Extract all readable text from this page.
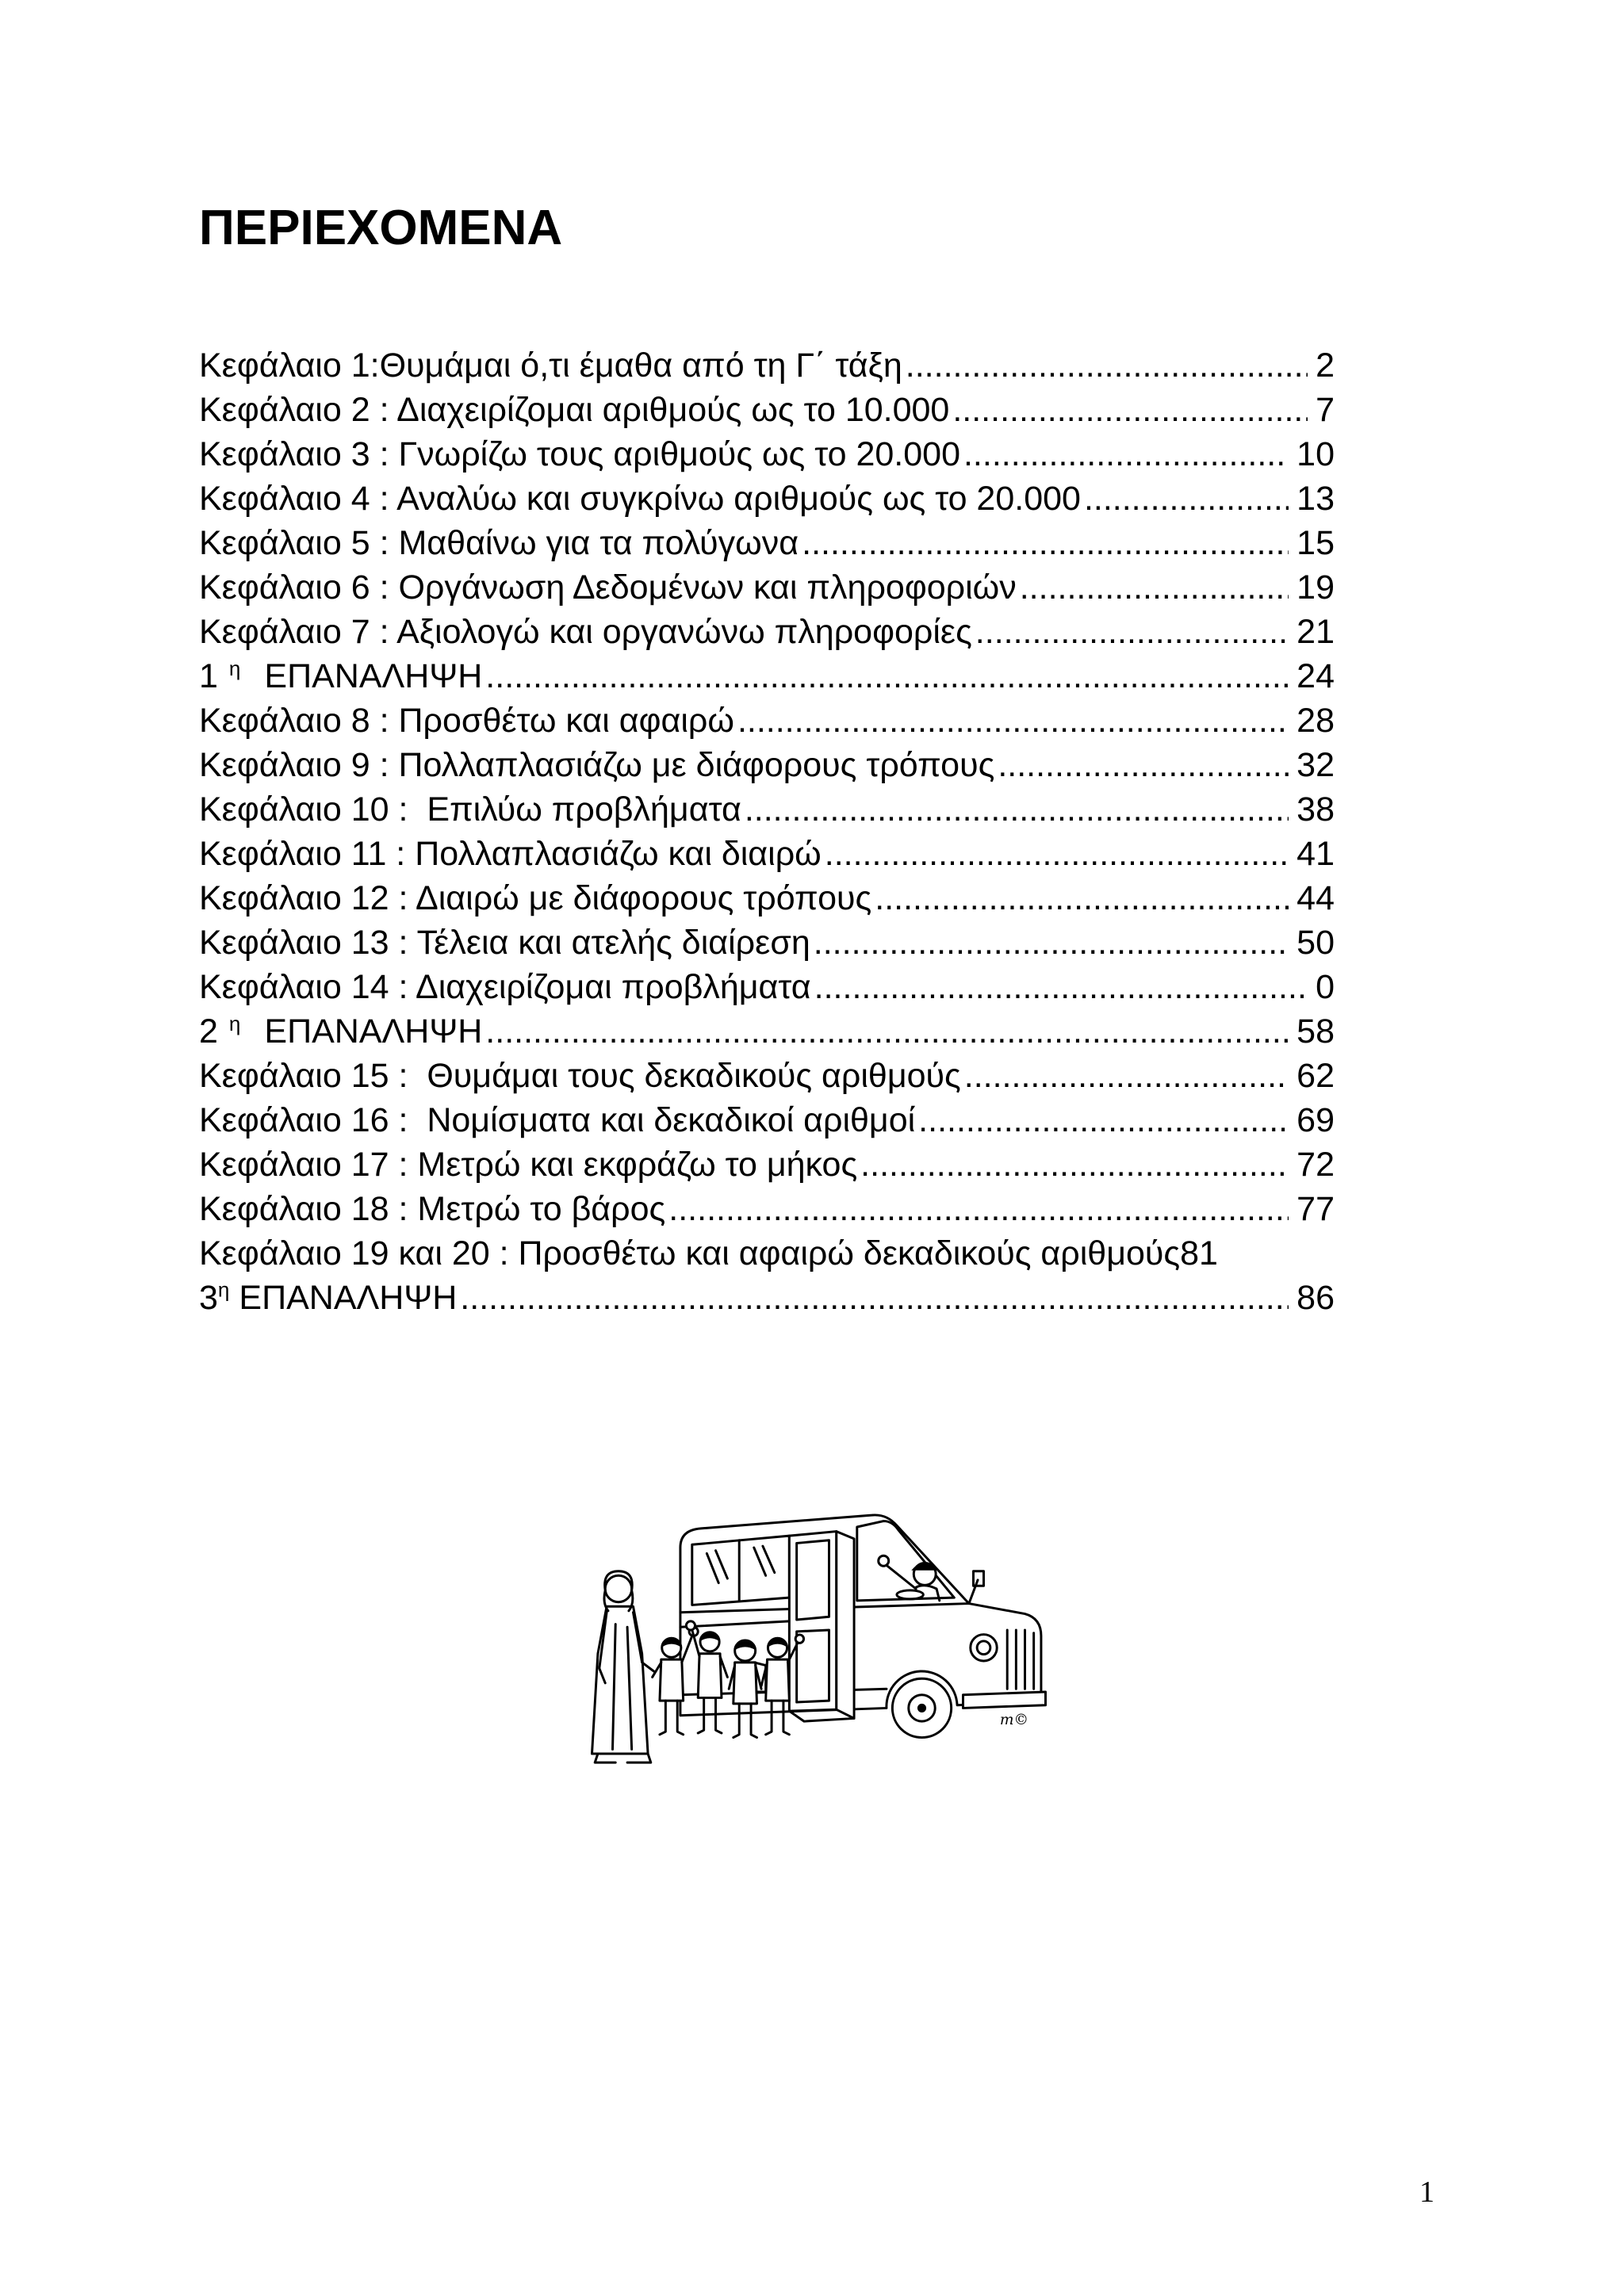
ΠΕΡΙΕΧΟΜΕΝΑ
Κεφάλαιο 1:Θυμάμαι ό,τι έμαθα από τη Γ΄ τάξη .....	2
Κεφάλαιο 2 : Διαχειρίζομαι αριθμούς ως το 10.000 .....	7
Κεφάλαιο 3 : Γνωρίζω τους αριθμούς ως το 20.000 .....	10
Κεφάλαιο 4 : Αναλύω και συγκρίνω αριθμούς ως το 20.000 .....	13
Κεφάλαιο 5 : Μαθαίνω για τα πολύγωνα .....	15
Κεφάλαιο 6 : Οργάνωση Δεδομένων και πληροφοριών .....	19
Κεφάλαιο 7 : Αξιολογώ και οργανώνω πληροφορίες .....	21
1 $^\eta$ ΕΠΑΝΑΛΗΨΗ .....	24
Κεφάλαιο 8 : Προσθέτω και αφαιρώ .....	28
Κεφάλαιο 9 : Πολλαπλασιάζω με διάφορους τρόπους .....	32
Κεφάλαιο 10 :  Επιλύω προβλήματα .....	38
Κεφάλαιο 11 : Πολλαπλασιάζω και διαιρώ .....	41
Κεφάλαιο 12 : Διαιρώ με διάφορους τρόπους .....	44
Κεφάλαιο 13 : Τέλεια και ατελής διαίρεση .....	50
Κεφάλαιο 14 : Διαχειρίζομαι προβλήματα .....	0
2 $^\eta$ ΕΠΑΝΑΛΗΨΗ .....	58
Κεφάλαιο 15 :  Θυμάμαι τους δεκαδικούς αριθμούς .....	62
Κεφάλαιο 16 :  Νομίσματα και δεκαδικοί αριθμοί .....	69
Κεφάλαιο 17 : Μετρώ και εκφράζω το μήκος .....	72
Κεφάλαιο 18 : Μετρώ το βάρος .....	77
Κεφάλαιο 19 και 20 : Προσθέτω και αφαιρώ δεκαδικούς αριθμούς 81
$3^\eta$ ΕΠΑΝΑΛΗΨΗ .....	86
m©
1
